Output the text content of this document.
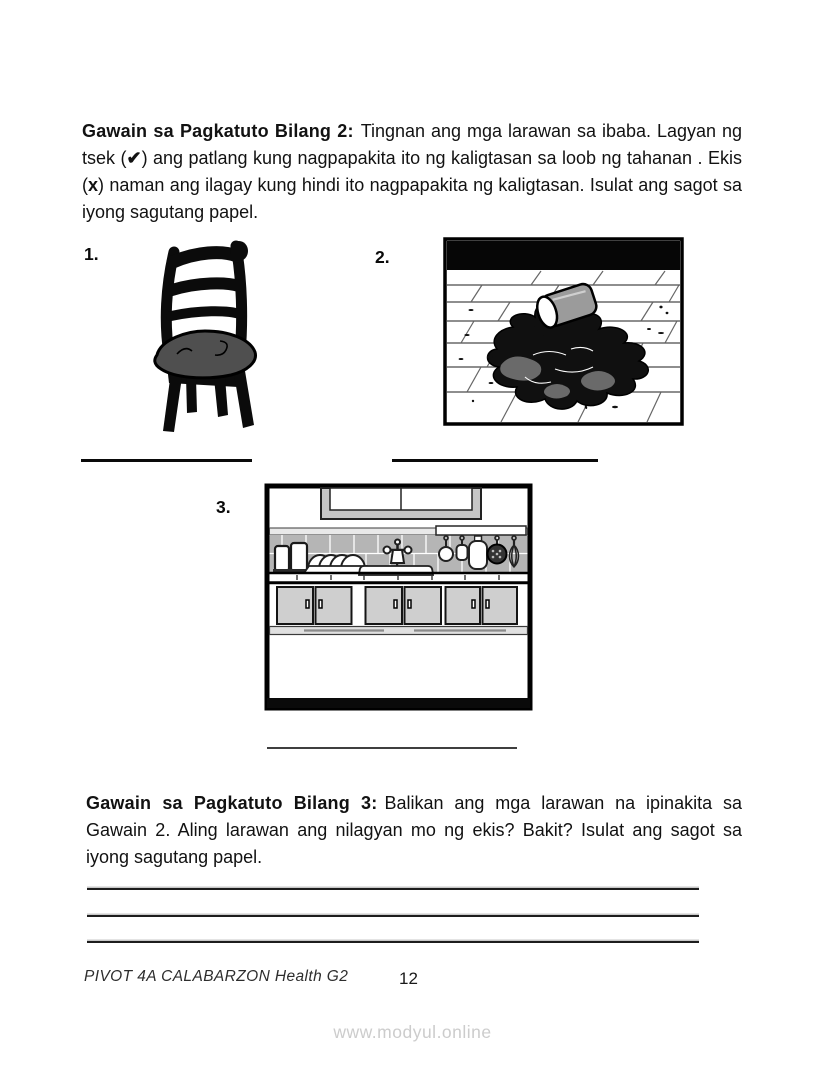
Gawain sa Pagkatuto Bilang 2: Tingnan ang mga larawan sa ibaba. Lagyan ng tsek (✔) ang patlang kung nagpapakita ito ng kaligtasan sa loob ng tahanan . Ekis (x) naman ang ilagay kung hindi ito nagpapakita ng kaligtasan. Isulat ang sagot sa iyong sagutang papel.

1.	2.
3.

Gawain sa Pagkatuto Bilang 3: Balikan ang mga larawan na ipinakita sa Gawain 2. Aling larawan ang nilagyan mo ng ekis? Bakit? Isulat ang sagot sa iyong sagutang papel.

PIVOT 4A CALABARZON Health G2	12
www.modyul.online
